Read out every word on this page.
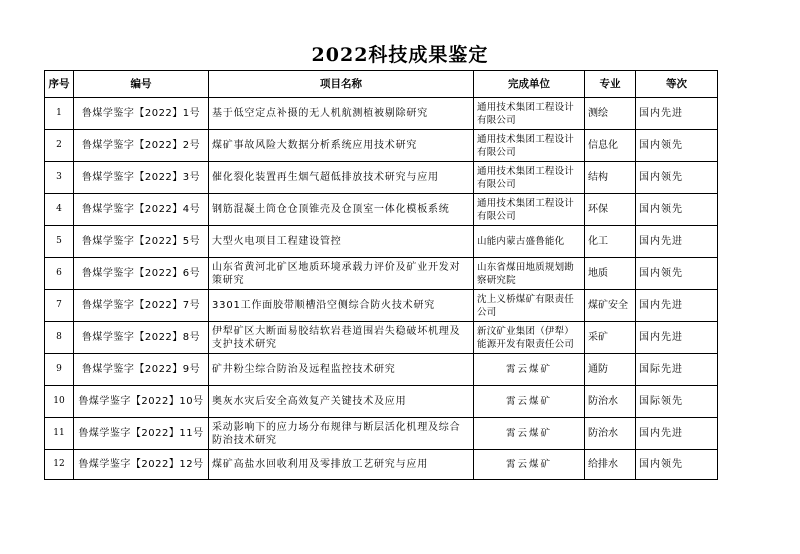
2022科技成果鉴定
序号	编号	项目名称	完成单位	专业	等次
1	鲁煤学鉴字【2022】1号	基于低空定点补摄的无人机航测植被剔除研究	通用技术集团工程设计有限公司	测绘	国内先进
2	鲁煤学鉴字【2022】2号	煤矿事故风险大数据分析系统应用技术研究	通用技术集团工程设计有限公司	信息化	国内领先
3	鲁煤学鉴字【2022】3号	催化裂化装置再生烟气超低排放技术研究与应用	通用技术集团工程设计有限公司	结构	国内领先
4	鲁煤学鉴字【2022】4号	钢筋混凝土筒仓仓顶锥壳及仓顶室一体化模板系统	通用技术集团工程设计有限公司	环保	国内领先
5	鲁煤学鉴字【2022】5号	大型火电项目工程建设管控	山能内蒙古盛鲁能化	化工	国内先进
6	鲁煤学鉴字【2022】6号	山东省黄河北矿区地质环境承载力评价及矿业开发对策研究	山东省煤田地质规划勘察研究院	地质	国内领先
7	鲁煤学鉴字【2022】7号	3301工作面胶带顺槽沿空侧综合防火技术研究	沈上义桥煤矿有限责任公司	煤矿安全	国内先进
8	鲁煤学鉴字【2022】8号	伊犁矿区大断面易胶结软岩巷道围岩失稳破坏机理及支护技术研究	新汶矿业集团（伊犁）能源开发有限责任公司	采矿	国内先进
9	鲁煤学鉴字【2022】9号	矿井粉尘综合防治及远程监控技术研究	霄云煤矿	通防	国际先进
10	鲁煤学鉴字【2022】10号	奥灰水灾后安全高效复产关键技术及应用	霄云煤矿	防治水	国际领先
11	鲁煤学鉴字【2022】11号	采动影响下的应力场分布规律与断层活化机理及综合防治技术研究	霄云煤矿	防治水	国内先进
12	鲁煤学鉴字【2022】12号	煤矿高盐水回收利用及零排放工艺研究与应用	霄云煤矿	给排水	国内领先
